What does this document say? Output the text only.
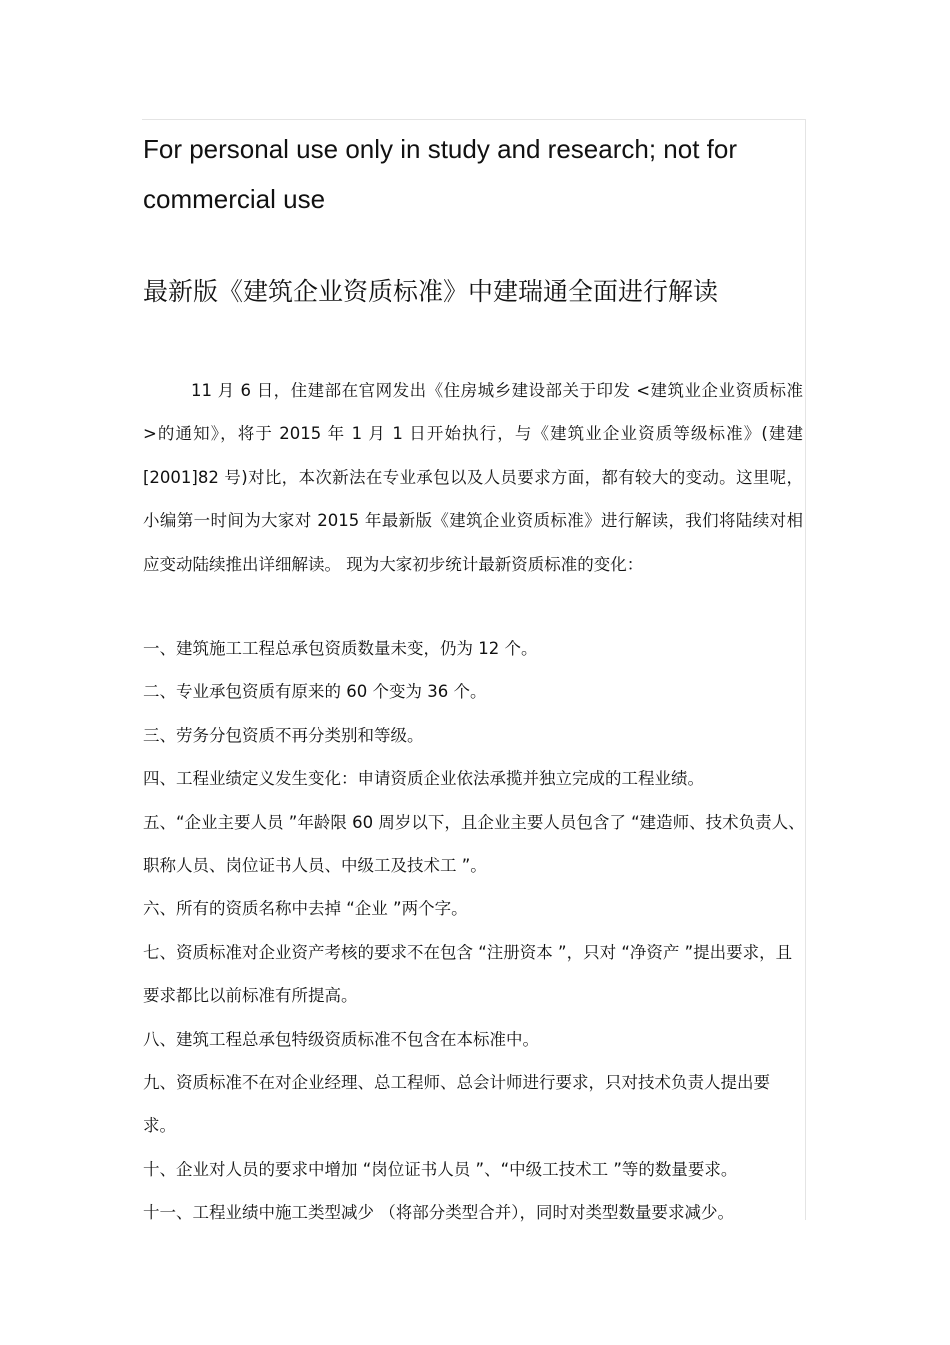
For personal use only in study and research; not for commercial use
最新版《建筑企业资质标准》中建瑞通全面进行解读

11 月 6 日，住建部在官网发出《住房城乡建设部关于印发 <建筑业企业资质标准 >的通知》，将于 2015 年 1 月 1 日开始执行，与《建筑业企业资质等级标准》(建建[2001]82 号)对比，本次新法在专业承包以及人员要求方面，都有较大的变动。这里呢，小编第一时间为大家对 2015 年最新版《建筑企业资质标准》进行解读，我们将陆续对相应变动陆续推出详细解读。 现为大家初步统计最新资质标准的变化：

一、建筑施工工程总承包资质数量未变，仍为 12 个。
二、专业承包资质有原来的 60 个变为 36 个。
三、劳务分包资质不再分类别和等级。
四、工程业绩定义发生变化：申请资质企业依法承揽并独立完成的工程业绩。
五、“企业主要人员 ”年龄限 60 周岁以下，且企业主要人员包含了 “建造师、技术负责人、职称人员、岗位证书人员、中级工及技术工 ”。
六、所有的资质名称中去掉 “企业 ”两个字。
七、资质标准对企业资产考核的要求不在包含 “注册资本 ”，只对 “净资产 ”提出要求，且要求都比以前标准有所提高。
八、建筑工程总承包特级资质标准不包含在本标准中。
九、资质标准不在对企业经理、总工程师、总会计师进行要求，只对技术负责人提出要求。
十、企业对人员的要求中增加 “岗位证书人员 ”、“中级工技术工 ”等的数量要求。
十一、工程业绩中施工类型减少 （将部分类型合并），同时对类型数量要求减少。
